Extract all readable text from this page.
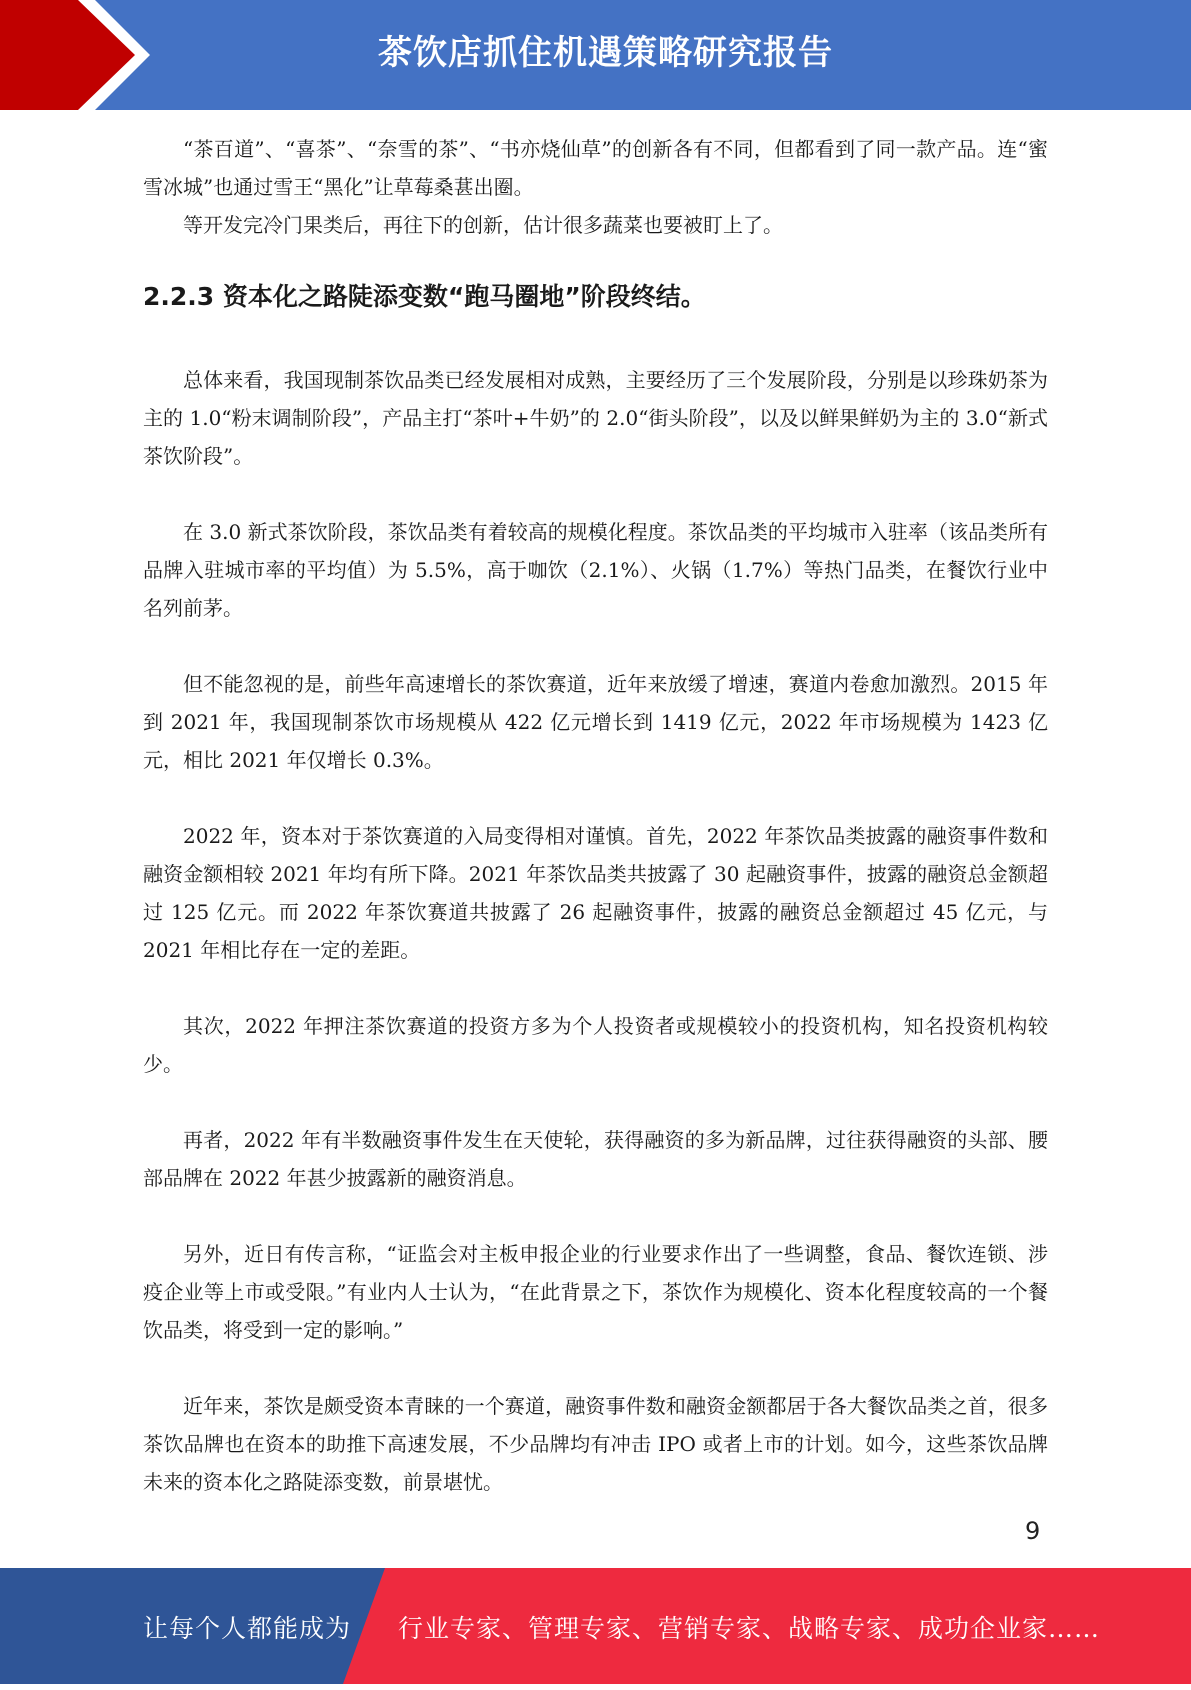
茶饮店抓住机遇策略研究报告

“茶百道”、“喜茶”、“奈雪的茶”、“书亦烧仙草”的创新各有不同，但都看到了同一款产品。连“蜜雪冰城”也通过雪王“黑化”让草莓桑葚出圈。

等开发完冷门果类后，再往下的创新，估计很多蔬菜也要被盯上了。

2.2.3 资本化之路陡添变数“跑马圈地”阶段终结。

总体来看，我国现制茶饮品类已经发展相对成熟，主要经历了三个发展阶段，分别是以珍珠奶茶为主的 1.0“粉末调制阶段”，产品主打“茶叶+牛奶”的 2.0“街头阶段”，以及以鲜果鲜奶为主的 3.0“新式茶饮阶段”。

在 3.0 新式茶饮阶段，茶饮品类有着较高的规模化程度。茶饮品类的平均城市入驻率（该品类所有品牌入驻城市率的平均值）为 5.5%，高于咖饮（2.1%）、火锅（1.7%）等热门品类，在餐饮行业中名列前茅。

但不能忽视的是，前些年高速增长的茶饮赛道，近年来放缓了增速，赛道内卷愈加激烈。2015 年到 2021 年，我国现制茶饮市场规模从 422 亿元增长到 1419 亿元，2022 年市场规模为 1423 亿元，相比 2021 年仅增长 0.3%。

2022 年，资本对于茶饮赛道的入局变得相对谨慎。首先，2022 年茶饮品类披露的融资事件数和融资金额相较 2021 年均有所下降。2021 年茶饮品类共披露了 30 起融资事件，披露的融资总金额超过 125 亿元。而 2022 年茶饮赛道共披露了 26 起融资事件，披露的融资总金额超过 45 亿元，与 2021 年相比存在一定的差距。

其次，2022 年押注茶饮赛道的投资方多为个人投资者或规模较小的投资机构，知名投资机构较少。

再者，2022 年有半数融资事件发生在天使轮，获得融资的多为新品牌，过往获得融资的头部、腰部品牌在 2022 年甚少披露新的融资消息。

另外，近日有传言称，“证监会对主板申报企业的行业要求作出了一些调整，食品、餐饮连锁、涉疫企业等上市或受限。”有业内人士认为，“在此背景之下，茶饮作为规模化、资本化程度较高的一个餐饮品类，将受到一定的影响。”

近年来，茶饮是颇受资本青睐的一个赛道，融资事件数和融资金额都居于各大餐饮品类之首，很多茶饮品牌也在资本的助推下高速发展，不少品牌均有冲击 IPO 或者上市的计划。如今，这些茶饮品牌未来的资本化之路陡添变数，前景堪忧。

9
让每个人都能成为 行业专家、管理专家、营销专家、战略专家、成功企业家……
